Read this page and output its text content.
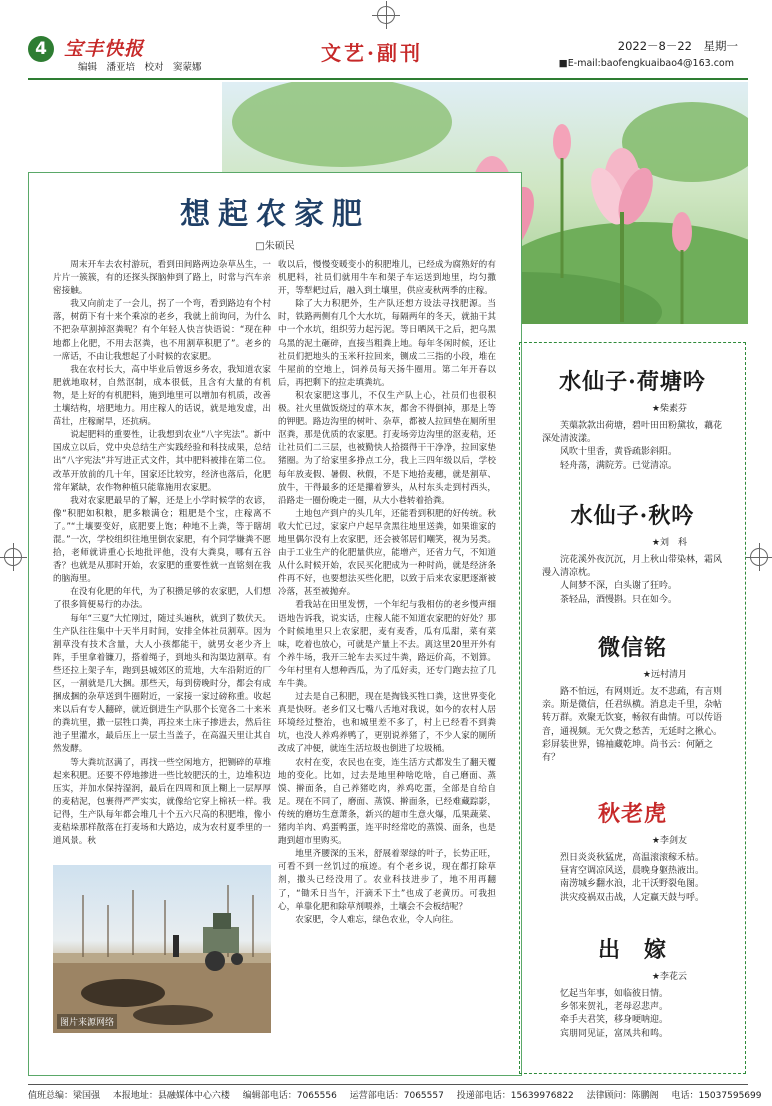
4 宝丰快报
编辑　潘亚培　校对　窦蒙娜
文艺·副刊	2022－8－22　星期一
■E-mail:baofengkuaibao4@163.com
想起农家肥
□朱硕民

周末开车去农村游玩，看到田间路两边杂草丛生，一片片一簇簇，有的还探头探脑伸到了路上，时常与汽车亲密接触。

我又向前走了一会儿，拐了一个弯，看到路边有个村落，树荫下有十来个乘凉的老乡，我就上前询问，为什么不把杂草割掉沤粪呢？有个年轻人快言快语说：“现在种地都上化肥，不用去沤粪，也不用割草积肥了”。老乡的一席话，不由让我想起了小时候的农家肥。

我在农村长大，高中毕业后曾返乡务农，我知道农家肥就地取材，自然沤制，成本很低，且含有大量的有机物，是上好的有机肥料，施到地里可以增加有机质，改善土壤结构，培肥地力。用庄稼人的话说，就是地发虚，出苗壮，庄稼耐旱，还抗病。

说起肥料的重要性，让我想到农业“八字宪法”。新中国成立以后，党中央总结生产实践经验和科技成果，总结出“八字宪法”并写进正式文件，其中肥料被排在第二位。改革开放前的几十年，国家还比较穷，经济也落后，化肥常年紧缺，农作物种植只能靠施用农家肥。

我对农家肥最早的了解，还是上小学时候学的农谚，像“积肥如积粮，肥多粮满仓；粗肥是个宝，庄稼离不了。”“土壤要变好，底肥要上饱；种地不上粪，等于瞎胡混。”一次，学校组织往地里倒农家肥，有个同学嫌粪不愿拾，老师就讲重心长地批评他，没有大粪臭，哪有五谷香？也就是从那时开始，农家肥的重要性就一直铭刻在我的脑海里。

在没有化肥的年代，为了积攒足够的农家肥，人们想了很多简便易行的办法。

每年“三夏”大忙刚过，随过头遍秋，就到了数伏天。生产队往往集中十天半月时间，安排全体社员割草。因为割草没有技术含量，大人小孩都能干，就男女老少齐上阵，手里拿着镰刀，搭着绳子，到地头和沟渠边割草。有些还拉上架子车，跑到县城郊区的荒地，大车沿附近的厂区，一割就是几大捆。那些天，每到傍晚时分，都会有成捆成捆的杂草送到牛圈附近，一家接一家过磅称重。收起来以后有专人翻碎，就近倒进生产队那个长宽各二十来米的粪坑里，撒一层牲口粪，再拉来土床子掺进去，然后往池子里灌水，最后压上一层土当盖子，在高温天里让其自然发酵。

等大粪坑沤满了，再找一些空闲地方，把铡碎的草堆起来积肥。还要不停地掺进一些比较肥沃的土，边堆积边压实，并加水保持湿润，最后在四周和顶上糊上一层厚厚的麦秸泥，包裹得严严实实，就像给它穿上棉袄一样。我记得，生产队每年都会堆几十个五六尺高的积肥堆，像小麦秸垛那样散落在打麦场和大路边，成为农村夏季里的一道风景。秋

收以后，慢慢变暖变小的积肥堆儿，已经成为腐熟好的有机肥料，社员们就用牛车和架子车运送到地里，均匀撒开，等犁耙过后，融入到土壤里，供应麦秋两季的庄稼。

除了大力积肥外，生产队还想方设法寻找肥源。当时，铁路两侧有几个大水坑，每隔两年的冬天，就抽干其中一个水坑，组织劳力起污泥。等日晒风干之后，把乌黑乌黑的泥土砸碎，直接当粗粪上地。每年冬闲时候，还让社员们把地头的玉米秆拉回来，铡成二三指的小段，堆在牛屋前的空地上，饲养员每天扬牛圈用。第二年开春以后，再把剩下的拉走填粪坑。

积农家肥这事儿，不仅生产队上心，社员们也很积极。社火里做饭烧过的草木灰，都舍不得倒掉，那是上等的钾肥。路边沟里的树叶、杂草，都被人拉回垫在厕所里沤粪，那是优质的农家肥。打麦场旁边沟里的沤麦秸，还让社员们二三层，也被勤快人拾掇得干干净净，拉回家垫猪圈。为了给家里多挣点工分，我上三四年级以后，学校每年放麦假、暑假、秋假，不是下地拾麦穗，就是割草、放牛，干得最多的还是攥着箩头，从村东头走到村西头，沿路走一圈份晚走一圈，从大小巷转着拾粪。

土地包产到户的头几年，还能看到积肥的好传统。秋收大忙已过，家家户户起早贪黑往地里送粪，如果谁家的地里偶尔没有上农家肥，还会被邻居们嘲笑，视为另类。由于工业生产的化肥量供应，能增产，还省力气，不知道从什么时候开始，农民买化肥成为一种时尚，就是经济条件再不好，也要想法买些化肥，以致于后来农家肥逐渐被冷落，甚至被抛弃。

看我站在田里发愣，一个年纪与我相仿的老乡慢声细语地告诉我，说实话，庄稼人能不知道农家肥的好处？那个时候地里只上农家肥，麦有麦香，瓜有瓜甜，菜有菜味，吃着也放心，可就是产量上不去。离这里20里开外有个养牛场，我开三轮车去买过牛粪，路远价高，不划算。今年村里有人想种西瓜，为了瓜好卖，还专门跑去拉了几车牛粪。

过去是自己积肥，现在是掏钱买牲口粪，这世界变化真是快呀。老乡们又七嘴八舌地对我说，如今的农村人居环境经过整治，也和城里差不多了，村上已经看不到粪坑，也没人养鸡养鸭了，更别说养猪了，不少人家的厕所改成了冲便，就连生活垃圾也倒进了垃圾桶。

农村在变，农民也在变，连生活方式都发生了翻天覆地的变化。比如，过去是地里种啥吃啥，自己磨面、蒸馍、擀面条，自己养猪吃肉，养鸡吃蛋，全部是自给自足。现在不同了，磨面、蒸馍、擀面条，已经难藏踪影，传统的磨坊生意萧条，新兴的超市生意火爆，瓜果蔬菜、猪肉羊肉、鸡蛋鸭蛋，连平时经常吃的蒸馍、面条，也是跑到超市里购买。

地里齐腰深的玉米，舒展着翠绿的叶子，长势正旺，可看不到一丝饥过的痕迹。有个老乡说，现在都打除草剂，撒头已经没用了。农业科技进步了，地不用再翻了，“锄禾日当午，汗滴禾下土”也成了老黄历。可我担心，单靠化肥和除草剂喂养，土壤会不会板结呢？

农家肥，令人难忘，绿色农业，令人向往。

图片来源网络
水仙子·荷塘吟
★柴素芬
芙蕖款款出荷塘，碧叶田田粉黛妆，藕花深处清波漾。
风吹十里香，黄昏疏影斜阳。
轻舟荡，满院芳。已觉清凉。
水仙子·秋吟
★刘　科
浣花溪外夜沉沉，月上秋山带染林，霜风漫入清凉枕。
人间梦不深，白头谢了狂吟。
茶轻品，酒慢斟。只在如今。
微信铭
★远村清月
路不怕远，有网则近。友不悲疏，有言则亲。斯是微信，任君纵横。消息走千里，杂帖转万群。欢聚无饮宴，畅叙有曲情。可以传语音，通视频。无欠费之愁苦，无延时之揪心。彩屏装世界，锦袖藏乾坤。尚书云：何陋之有？
秋老虎
★李剑友
烈日炎炎秋猛虎，高温滚滚稼禾枯。
昼宵空调凉风送，晨晚身躯热液出。
南涝城乡翻水浪，北干沃野裂龟图。
洪灾疫祸双击战，人定赢天鼓与呼。
出　嫁
★李花云
忆起当年事，如临彼日情。
乡邻来贺礼，老母忍悲声。
牵手夫君笑，移身哽呐迎。
宾朋同见证，富凤共和鸣。
值班总编：梁国强 本报地址：县融媒体中心六楼 编辑部电话：7065556 运营部电话：7065557 投递部电话：15639976822 法律顾问：陈鹏阁 电话：15037595699
